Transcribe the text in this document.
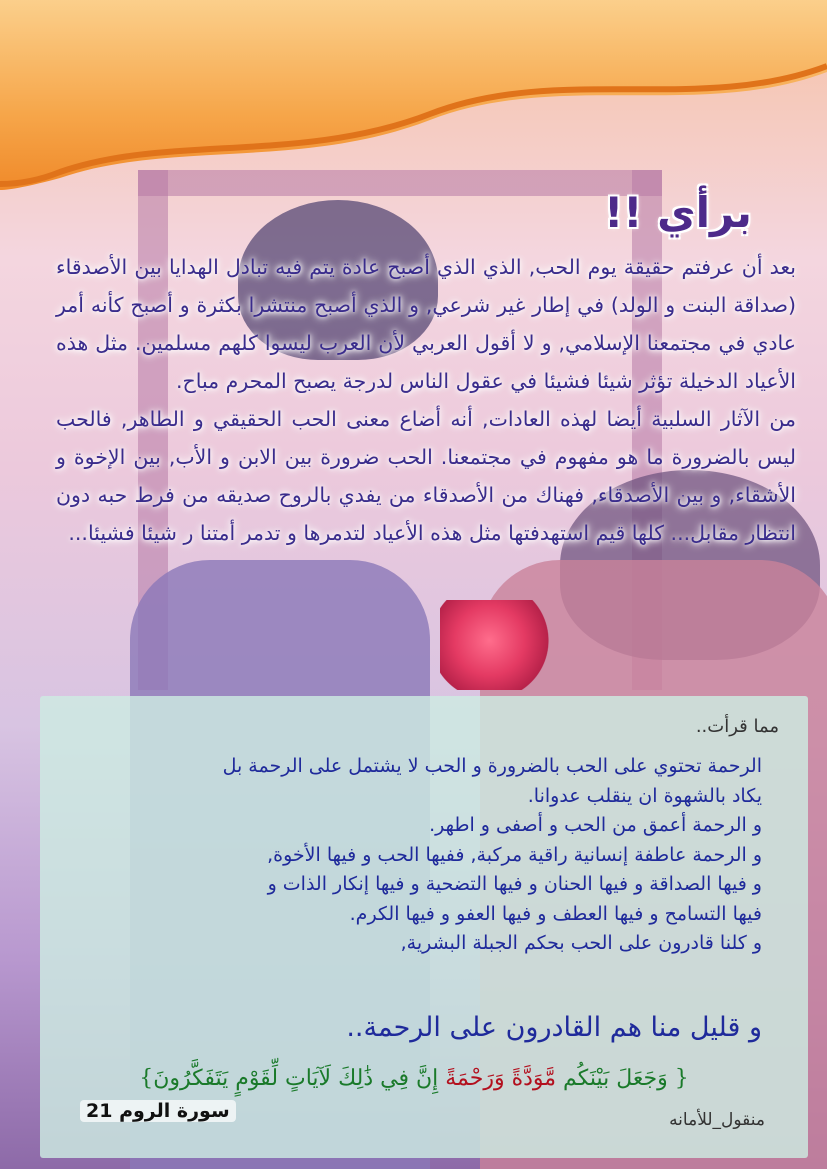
برأي !!

بعد أن عرفتم حقيقة يوم الحب, الذي الذي أصبح عادة يتم فيه تبادل الهدايا بين الأصدقاء (صداقة البنت و الولد) في إطار غير شرعي, و الذي أصبح منتشرا بكثرة و أصبح كأنه أمر عادي في مجتمعنا الإسلامي, و لا أقول العربي لأن العرب ليسوا كلهم مسلمين. مثل هذه الأعياد الدخيلة تؤثر شيئا فشيئا في عقول الناس لدرجة يصبح المحرم مباح.

من الآثار السلبية أيضا لهذه العادات, أنه أضاع معنى الحب الحقيقي و الطاهر, فالحب ليس بالضرورة ما هو مفهوم في مجتمعنا. الحب ضرورة بين الابن و الأب, بين الإخوة و الأشقاء, و بين الأصدقاء, فهناك من الأصدقاء من يفدي بالروح صديقه من فرط حبه دون انتظار مقابل... كلها قيم استهدفتها مثل هذه الأعياد لتدمرها و تدمر أمتنا ر شيئا فشيئا...

مما قرأت..

الرحمة تحتوي على الحب بالضرورة و الحب لا يشتمل على الرحمة بل
يكاد بالشهوة ان ينقلب عدوانا.
و الرحمة أعمق من الحب و أصفى و اطهر.
و الرحمة عاطفة إنسانية راقية مركبة, ففيها الحب و فيها الأخوة,
و فيها الصداقة و فيها الحنان و فيها التضحية و فيها إنكار الذات و
فيها التسامح و فيها العطف و فيها العفو و فيها الكرم.
و كلنا قادرون على الحب بحكم الجبلة البشرية,

و قليل منا هم القادرون على الرحمة..

{ وَجَعَلَ بَيْنَكُم مَّوَدَّةً وَرَحْمَةً إِنَّ فِي ذَٰلِكَ لَآيَاتٍ لِّقَوْمٍ يَتَفَكَّرُونَ}

سورة الروم 21	منقول_للأمانه
